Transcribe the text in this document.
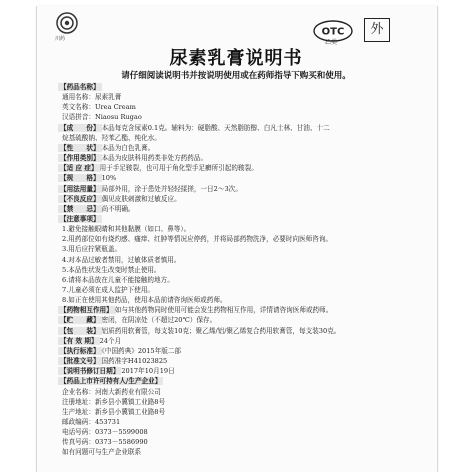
川药
OTC
乙类
外
尿素乳膏说明书
请仔细阅读说明书并按说明使用或在药师指导下购买和使用。
【药品名称】
通用名称：尿素乳膏
英文名称：Urea Cream
汉语拼音：Niaosu Rugao
【成　　份】 本品每克含尿素0.1克。辅料为：硬脂酸、天然脂肪醇、白凡士林、甘油、十二
烷基硫酸钠、羟苯乙酯、纯化水。
【性　　状】 本品为白色乳膏。
【作用类别】 本品为皮肤科用药类非处方药药品。
【适 应 症】 用于手足皲裂，也可用于角化型手足癣所引起的皲裂。
【规　　格】 10%
【用法用量】 局部外用，涂于患处并轻轻揉搓，一日2～3次。
【不良反应】 偶见皮肤刺激和过敏反应。
【禁　　忌】 尚不明确。
【注意事项】
1.避免接触眼睛和其他黏膜（如口、鼻等）。
2.用药部位如有烧灼感、瘙痒、红肿等情况应停药，并将局部药物洗净，必要时向医师咨询。
3.用后应拧紧瓶盖。
4.对本品过敏者禁用，过敏体质者慎用。
5.本品性状发生改变时禁止使用。
6.请将本品放在儿童不能接触的地方。
7.儿童必须在成人监护下使用。
8.如正在使用其他药品，使用本品前请咨询医师或药师。
【药物相互作用】 如与其他药物同时使用可能会发生药物相互作用，详情请咨询医师或药师。
【贮　　藏】 密闭，在阴凉处（不超过20℃）保存。
【包　　装】 铝质药用软膏管，每支装10克；聚乙烯/铝/聚乙烯复合药用软膏管，每支装30克。
【有 效 期】 24个月
【执行标准】 《中国药典》2015年版二部
【批准文号】 国药准字H41023825
【说明书修订日期】 2017年10月19日
【药品上市许可持有人/生产企业】
企业名称：河南大新药业有限公司
注册地址：新乡县小冀镇工业路8号
生产地址：新乡县小冀镇工业路8号
邮政编码：453731
电话号码：0373－5599008
传真号码：0373－5586990
如有问题可与生产企业联系
